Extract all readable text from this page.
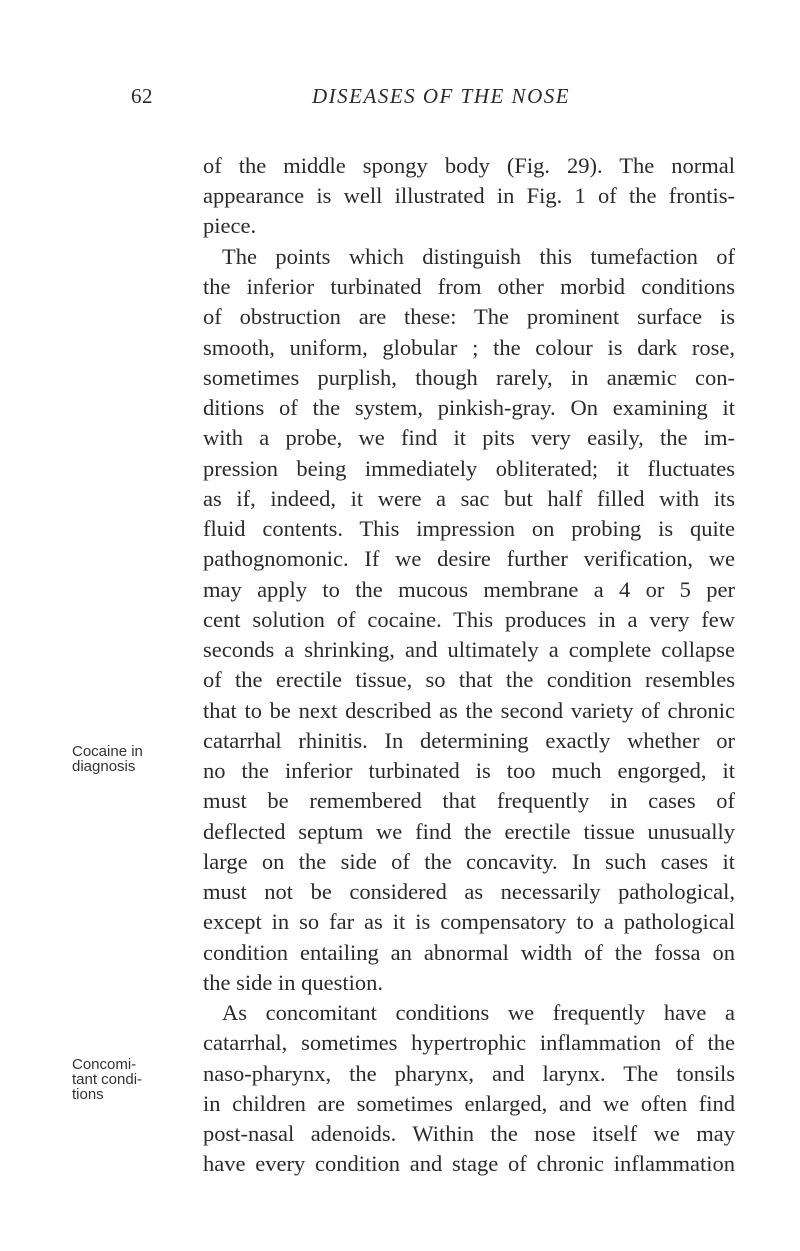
62	DISEASES OF THE NOSE
Cocaine in
diagnosis
Concomi-
tant condi-
tions
of the middle spongy body (Fig. 29). The normal
appearance is well illustrated in Fig. 1 of the frontis-
piece.
The points which distinguish this tumefaction of
the inferior turbinated from other morbid conditions
of obstruction are these: The prominent surface is
smooth, uniform, globular ; the colour is dark rose,
sometimes purplish, though rarely, in anæmic con-
ditions of the system, pinkish-gray. On examining it
with a probe, we find it pits very easily, the im-
pression being immediately obliterated; it fluctuates
as if, indeed, it were a sac but half filled with its
fluid contents. This impression on probing is quite
pathognomonic. If we desire further verification, we
may apply to the mucous membrane a 4 or 5 per
cent solution of cocaine. This produces in a very few
seconds a shrinking, and ultimately a complete collapse
of the erectile tissue, so that the condition resembles
that to be next described as the second variety of chronic
catarrhal rhinitis. In determining exactly whether or
no the inferior turbinated is too much engorged, it
must be remembered that frequently in cases of
deflected septum we find the erectile tissue unusually
large on the side of the concavity. In such cases it
must not be considered as necessarily pathological,
except in so far as it is compensatory to a pathological
condition entailing an abnormal width of the fossa on
the side in question.
As concomitant conditions we frequently have a
catarrhal, sometimes hypertrophic inflammation of the
naso-pharynx, the pharynx, and larynx. The tonsils
in children are sometimes enlarged, and we often find
post-nasal adenoids. Within the nose itself we may
have every condition and stage of chronic inflammation
